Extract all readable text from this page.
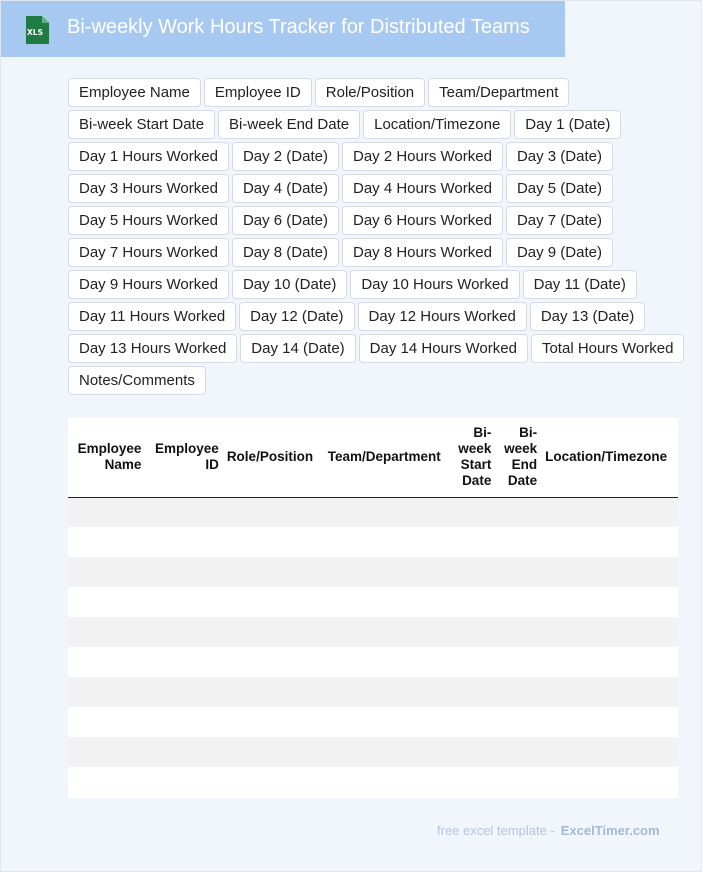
XLS Bi-weekly Work Hours Tracker for Distributed Teams
Employee Name	Employee ID	Role/Position	Team/Department
Bi-week Start Date	Bi-week End Date	Location/Timezone	Day 1 (Date)
Day 1 Hours Worked	Day 2 (Date)	Day 2 Hours Worked	Day 3 (Date)
Day 3 Hours Worked	Day 4 (Date)	Day 4 Hours Worked	Day 5 (Date)
Day 5 Hours Worked	Day 6 (Date)	Day 6 Hours Worked	Day 7 (Date)
Day 7 Hours Worked	Day 8 (Date)	Day 8 Hours Worked	Day 9 (Date)
Day 9 Hours Worked	Day 10 (Date)	Day 10 Hours Worked	Day 11 (Date)
Day 11 Hours Worked	Day 12 (Date)	Day 12 Hours Worked	Day 13 (Date)
Day 13 Hours Worked	Day 14 (Date)	Day 14 Hours Worked	Total Hours Worked
Notes/Comments
Employee Name	Employee ID	Role/Position	Team/Department	Bi-week Start Date	Bi-week End Date	Location/Timezone

free excel template - ExcelTimer.com
